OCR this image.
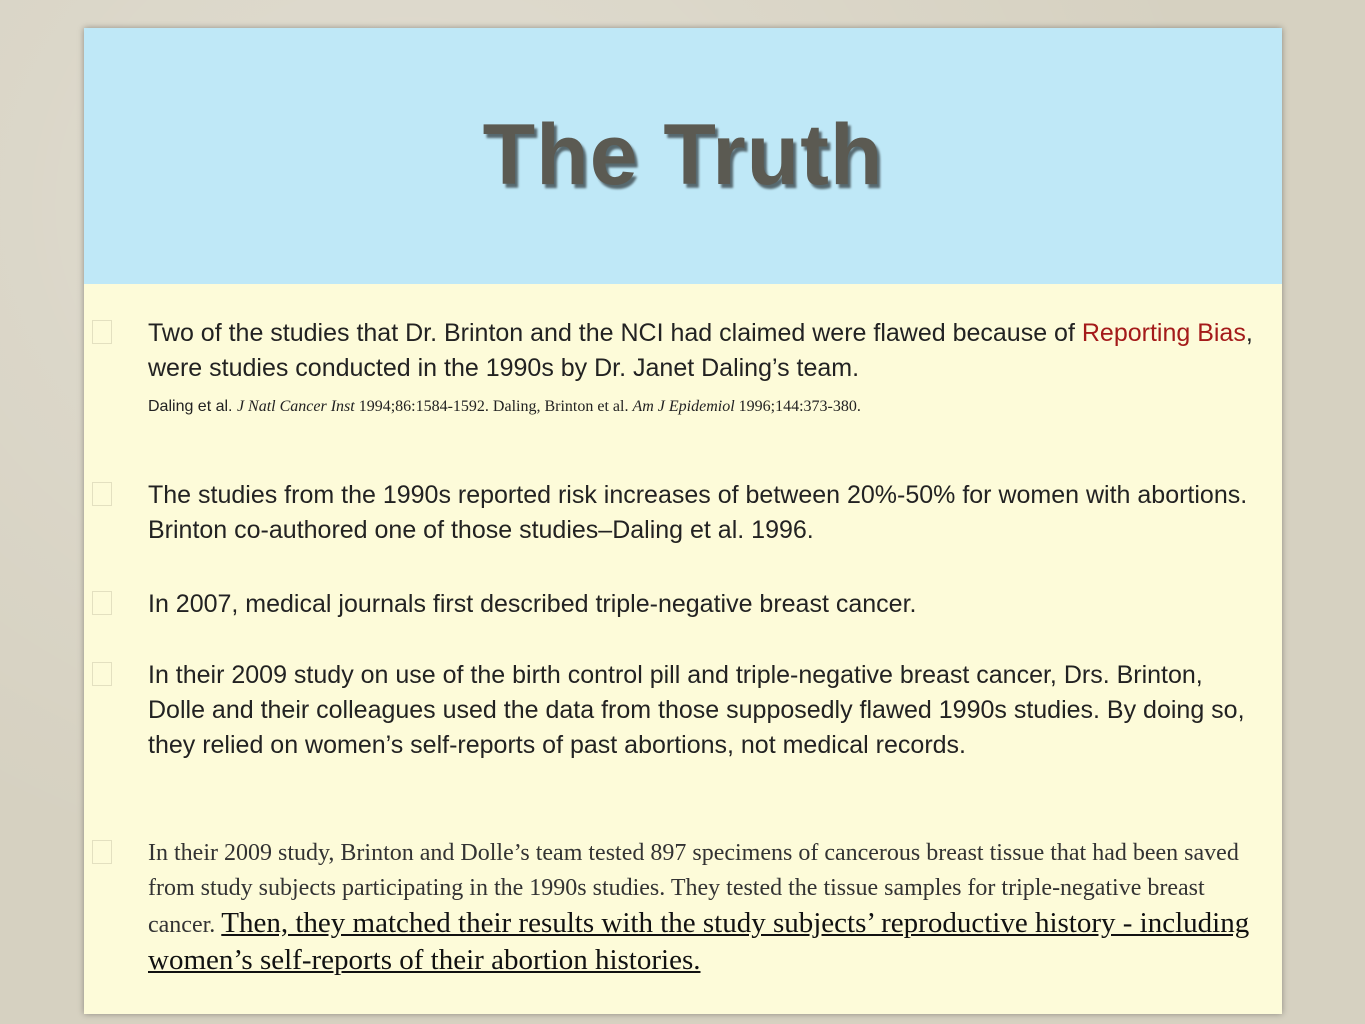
The Truth
Two of the studies that Dr. Brinton and the NCI had claimed were flawed because of Reporting Bias, were studies conducted in the 1990s by Dr. Janet Daling’s team.
Daling et al. J Natl Cancer Inst 1994;86:1584-1592. Daling, Brinton et al. Am J Epidemiol 1996;144:373-380.
The studies from the 1990s reported risk increases of between 20%-50% for women with abortions. Brinton co-authored one of those studies–Daling et al. 1996.
In 2007, medical journals first described triple-negative breast cancer.
In their 2009 study on use of the birth control pill and triple-negative breast cancer, Drs. Brinton, Dolle and their colleagues used the data from those supposedly flawed 1990s studies. By doing so, they relied on women’s self-reports of past abortions, not medical records.
In their 2009 study, Brinton and Dolle’s team tested 897 specimens of cancerous breast tissue that had been saved from study subjects participating in the 1990s studies. They tested the tissue samples for triple-negative breast cancer. Then, they matched their results with the study subjects’ reproductive history - including women’s self-reports of their abortion histories.
